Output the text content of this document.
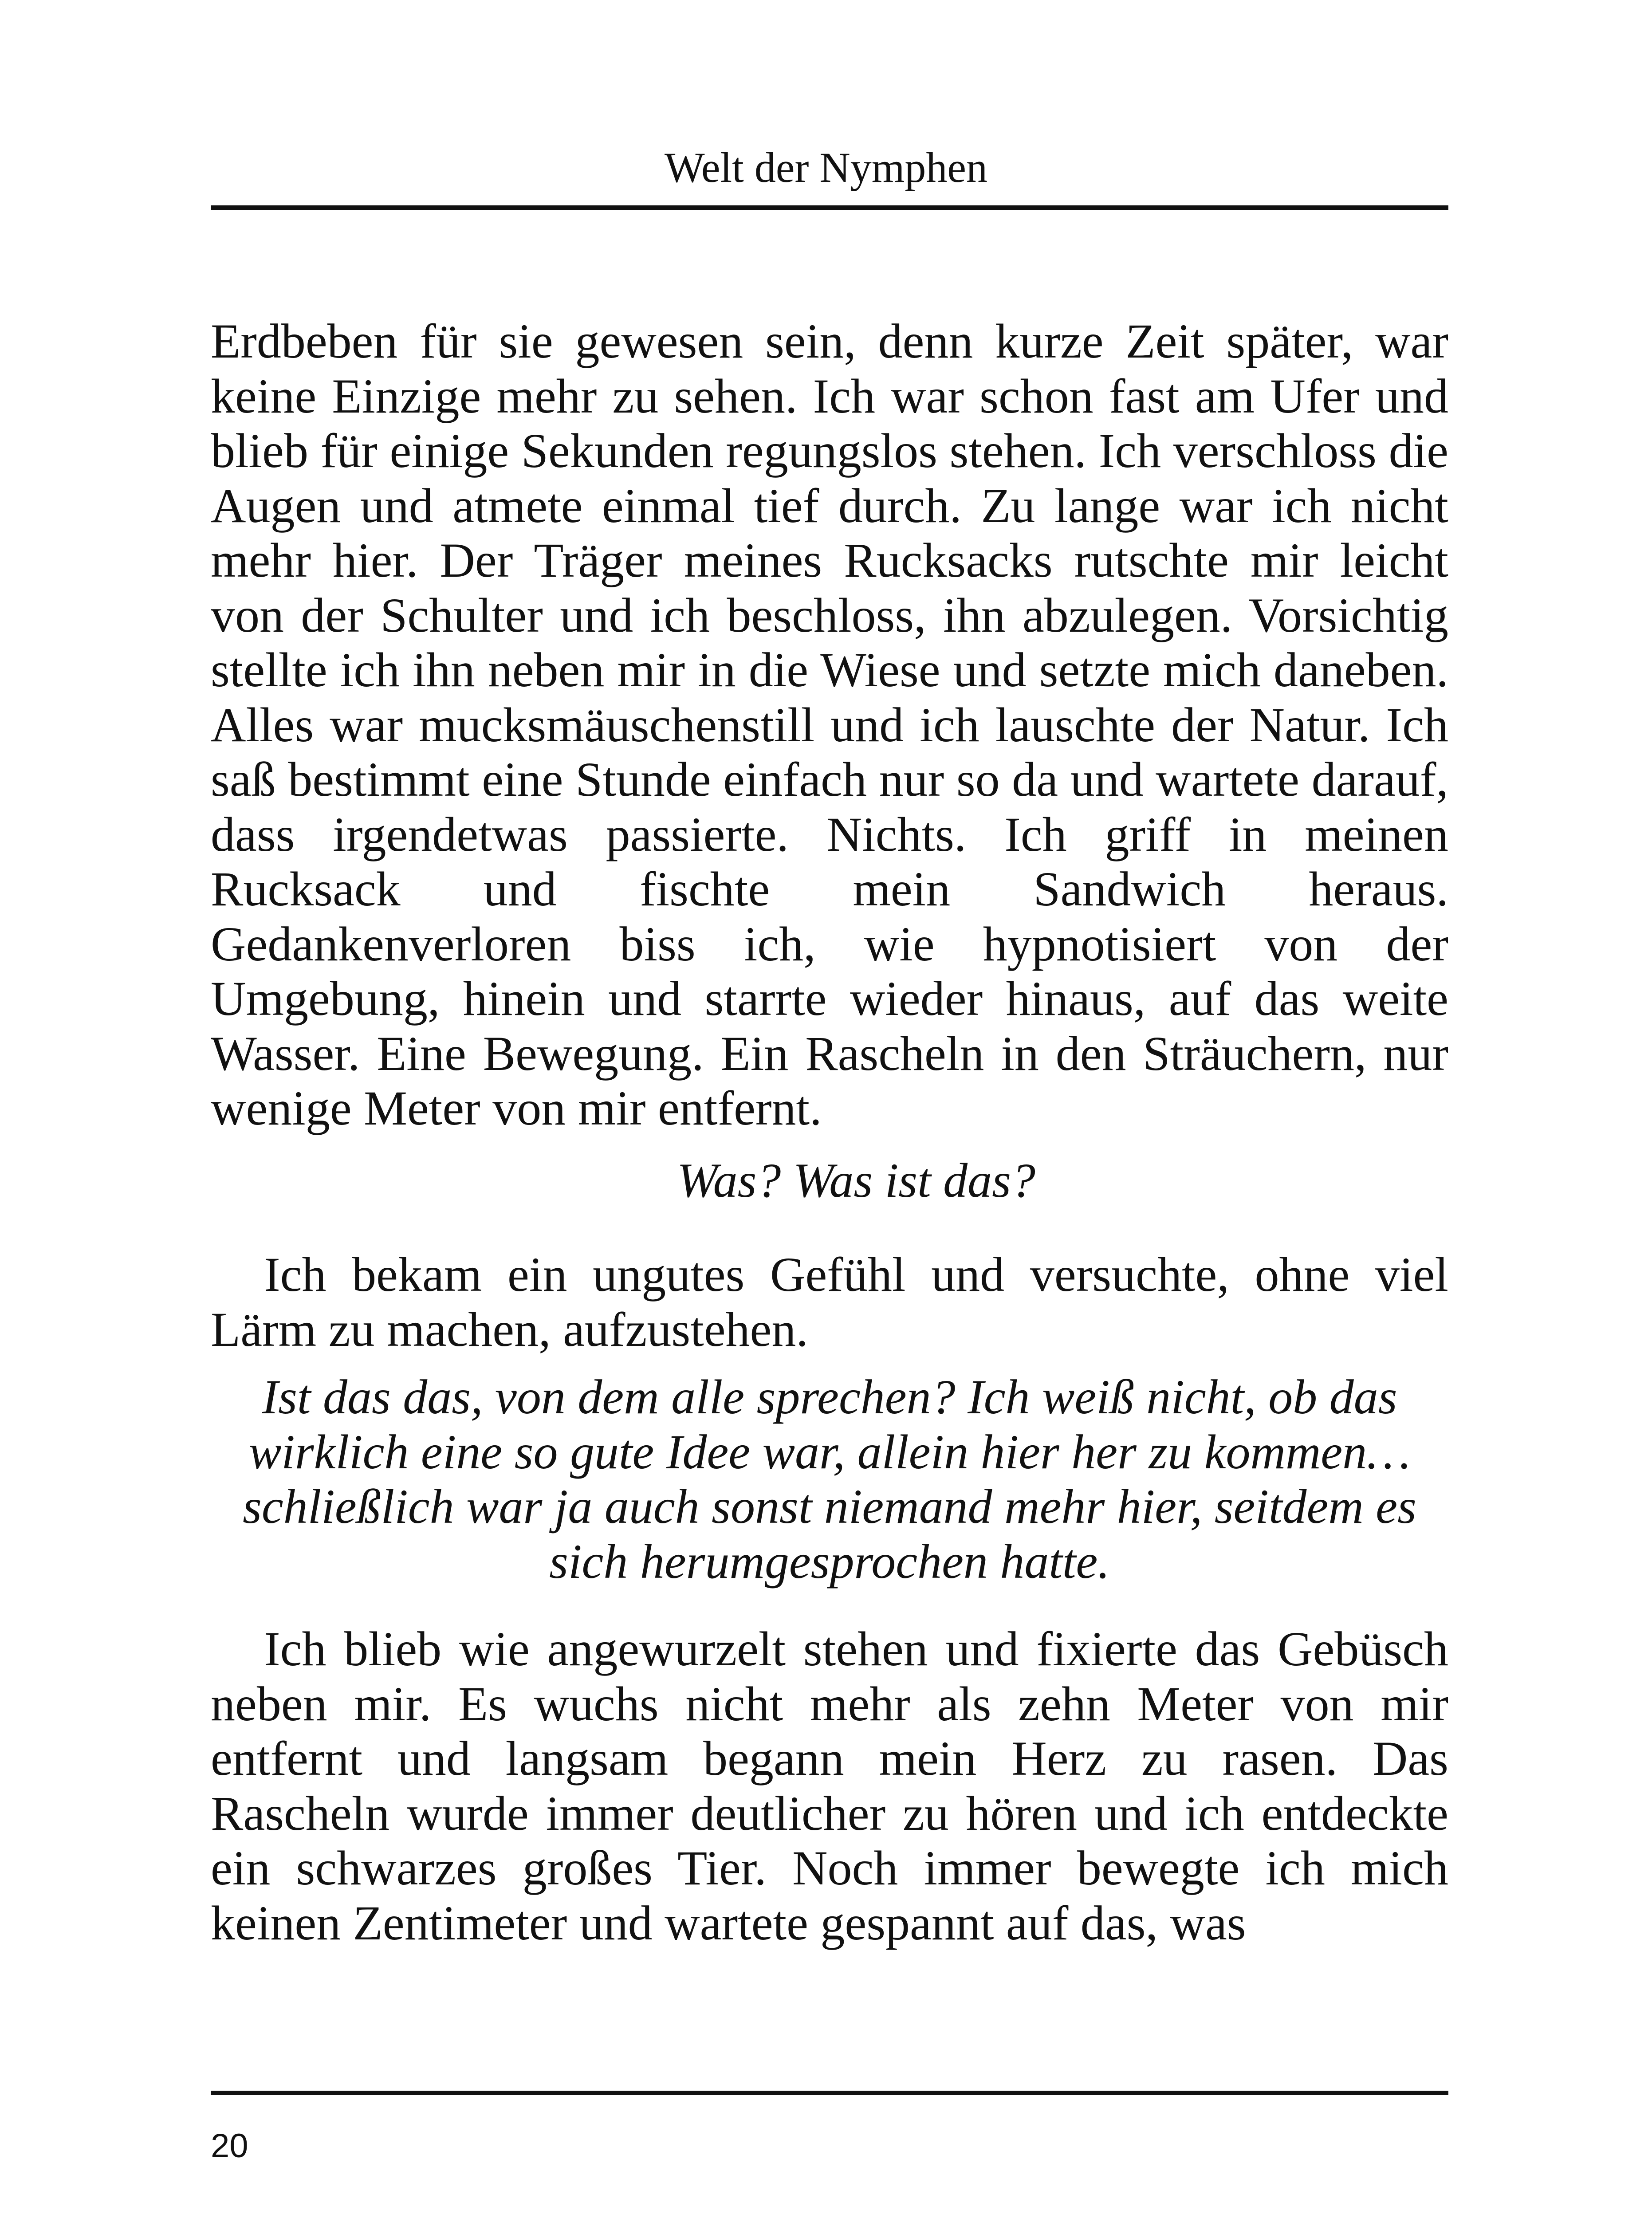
Welt der Nymphen

Erdbeben für sie gewesen sein, denn kurze Zeit später, war keine Einzige mehr zu sehen. Ich war schon fast am Ufer und blieb für einige Sekunden regungslos stehen. Ich verschloss die Augen und atmete einmal tief durch. Zu lange war ich nicht mehr hier. Der Träger meines Rucksacks rutschte mir leicht von der Schulter und ich beschloss, ihn abzulegen. Vorsichtig stellte ich ihn neben mir in die Wiese und setzte mich daneben. Alles war mucksmäuschenstill und ich lauschte der Natur. Ich saß bestimmt eine Stunde einfach nur so da und wartete darauf, dass irgendetwas passierte. Nichts. Ich griff in meinen Rucksack und fischte mein Sandwich heraus. Gedankenverloren biss ich, wie hypnotisiert von der Umgebung, hinein und starrte wieder hinaus, auf das weite Wasser. Eine Bewegung. Ein Rascheln in den Sträuchern, nur wenige Meter von mir entfernt.

Was? Was ist das?

Ich bekam ein ungutes Gefühl und versuchte, ohne viel Lärm zu machen, aufzustehen.

Ist das das, von dem alle sprechen? Ich weiß nicht, ob das wirklich eine so gute Idee war, allein hier her zu kommen… schließlich war ja auch sonst niemand mehr hier, seitdem es sich herumgesprochen hatte.

Ich blieb wie angewurzelt stehen und fixierte das Gebüsch neben mir. Es wuchs nicht mehr als zehn Meter von mir entfernt und langsam begann mein Herz zu rasen. Das Rascheln wurde immer deutlicher zu hören und ich entdeckte ein schwarzes großes Tier. Noch immer bewegte ich mich keinen Zentimeter und wartete gespannt auf das, was

20
